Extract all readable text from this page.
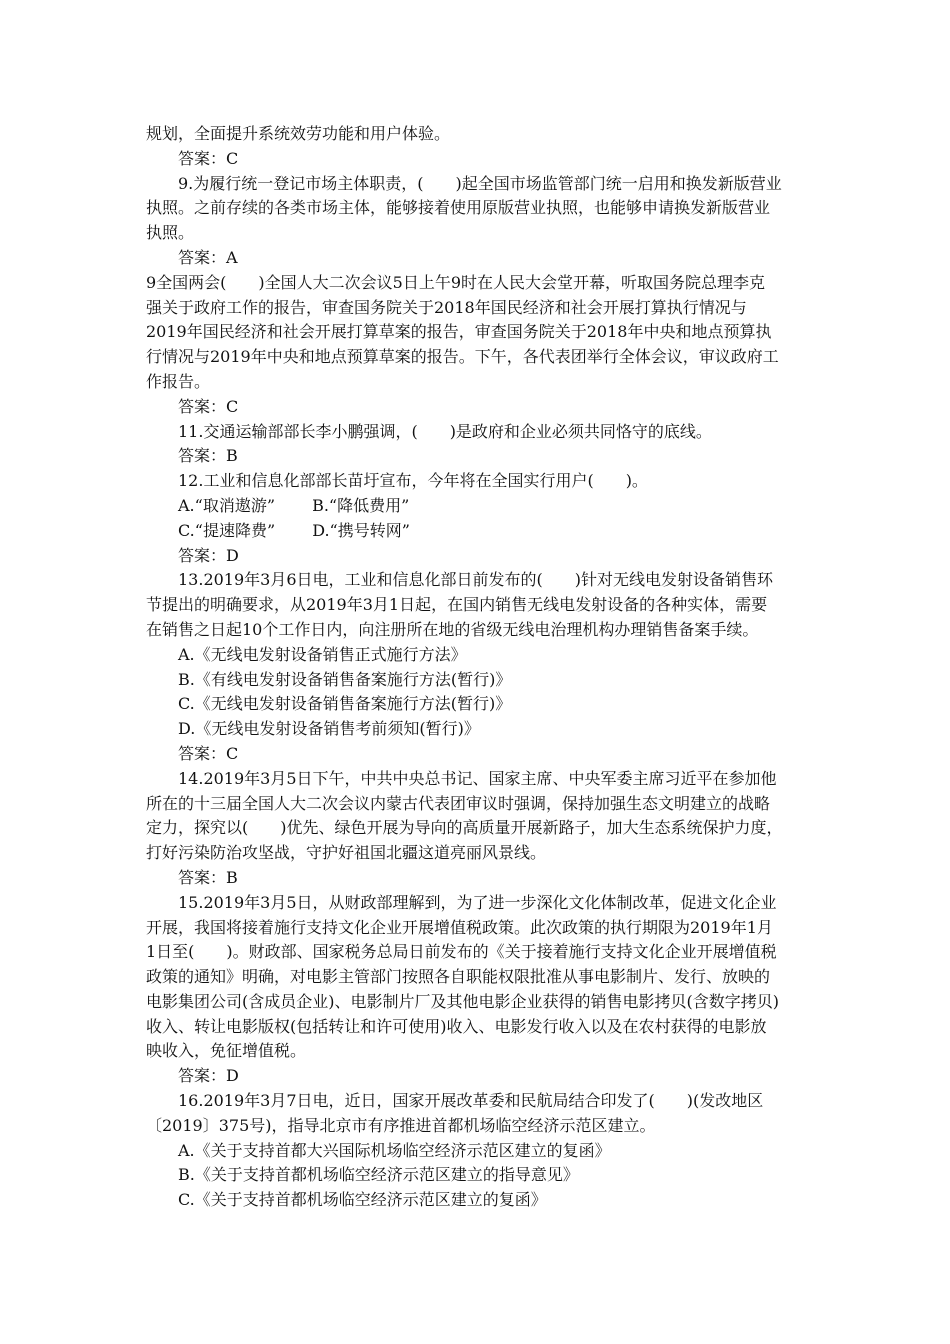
规划，全面提升系统效劳功能和用户体验。
答案：C
9.为履行统一登记市场主体职责，(　　)起全国市场监管部门统一启用和换发新版营业
执照。之前存续的各类市场主体，能够接着使用原版营业执照，也能够申请换发新版营业
执照。
答案：A
9全国两会(　　)全国人大二次会议5日上午9时在人民大会堂开幕，听取国务院总理李克
强关于政府工作的报告，审查国务院关于2018年国民经济和社会开展打算执行情况与
2019年国民经济和社会开展打算草案的报告，审查国务院关于2018年中央和地点预算执
行情况与2019年中央和地点预算草案的报告。下午，各代表团举行全体会议，审议政府工
作报告。
答案：C
11.交通运输部部长李小鹏强调，(　　)是政府和企业必须共同恪守的底线。
答案：B
12.工业和信息化部部长苗圩宣布，今年将在全国实行用户(　　)。
A.“取消遨游”　　 B.“降低费用”
C.“提速降费”　　 D.“携号转网”
答案：D
13.2019年3月6日电，工业和信息化部日前发布的(　　)针对无线电发射设备销售环
节提出的明确要求，从2019年3月1日起，在国内销售无线电发射设备的各种实体，需要
在销售之日起10个工作日内，向注册所在地的省级无线电治理机构办理销售备案手续。
A.《无线电发射设备销售正式施行方法》
B.《有线电发射设备销售备案施行方法(暂行)》
C.《无线电发射设备销售备案施行方法(暂行)》
D.《无线电发射设备销售考前须知(暂行)》
答案：C
14.2019年3月5日下午，中共中央总书记、国家主席、中央军委主席习近平在参加他
所在的十三届全国人大二次会议内蒙古代表团审议时强调，保持加强生态文明建立的战略
定力，探究以(　　)优先、绿色开展为导向的高质量开展新路子，加大生态系统保护力度，
打好污染防治攻坚战，守护好祖国北疆这道亮丽风景线。
答案：B
15.2019年3月5日，从财政部理解到，为了进一步深化文化体制改革，促进文化企业
开展，我国将接着施行支持文化企业开展增值税政策。此次政策的执行期限为2019年1月
1日至(　　)。财政部、国家税务总局日前发布的《关于接着施行支持文化企业开展增值税
政策的通知》明确，对电影主管部门按照各自职能权限批准从事电影制片、发行、放映的
电影集团公司(含成员企业)、电影制片厂及其他电影企业获得的销售电影拷贝(含数字拷贝)
收入、转让电影版权(包括转让和许可使用)收入、电影发行收入以及在农村获得的电影放
映收入，免征增值税。
答案：D
16.2019年3月7日电，近日，国家开展改革委和民航局结合印发了(　　)(发改地区
〔2019〕375号)，指导北京市有序推进首都机场临空经济示范区建立。
A.《关于支持首都大兴国际机场临空经济示范区建立的复函》
B.《关于支持首都机场临空经济示范区建立的指导意见》
C.《关于支持首都机场临空经济示范区建立的复函》
